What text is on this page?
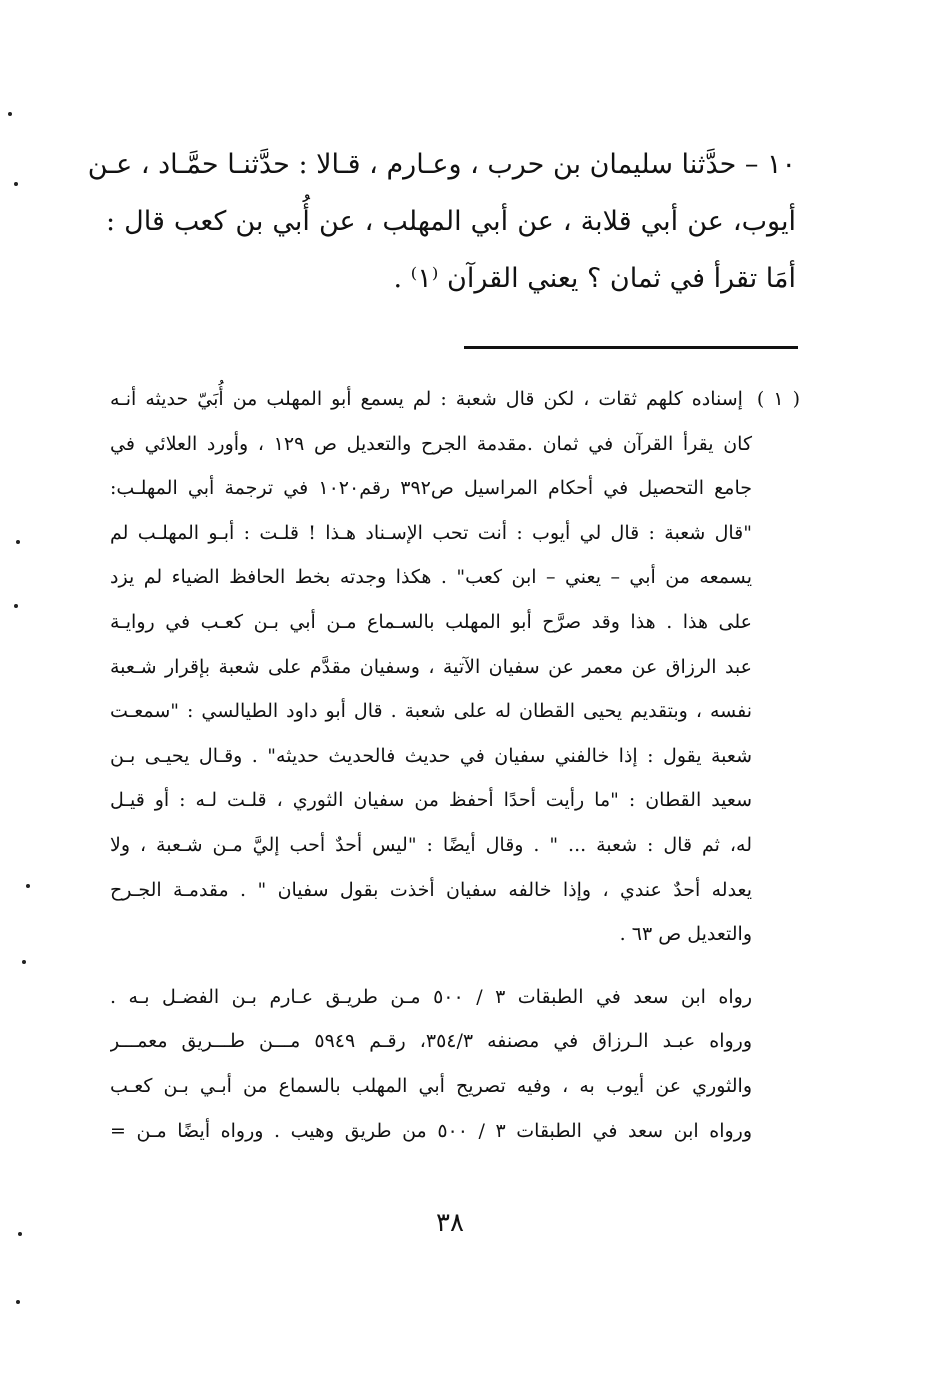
١٠ – حدَّثنا سليمان بن حرب ، وعـارم ، قـالا : حدَّثنـا حمَّـاد ، عـن
أيوب، عن أبي قلابة ، عن أبي المهلب ، عن أُبي بن كعب قال :
أمَا تقرأ في ثمان ؟ يعني القرآن ⁽١⁾ .
( ١ )إسناده كلهم ثقات ، لكن قال شعبة : لم يسمع أبو المهلب من أُبَيّ حديثه أنـه
كان يقرأ القرآن في ثمان .مقدمة الجرح والتعديل ص ١٢٩ ، وأورد العلائي في
جامع التحصيل في أحكام المراسيل ص٣٩٢ رقم١٠٢٠ في ترجمة أبي المهلـب:
"قال شعبة : قال لي أيوب : أنت تحب الإسـناد هـذا ! قلـت : أبـو المهلـب لم
يسمعه من أبي – يعني – ابن كعب" . هكذا وجدته بخط الحافظ الضياء لم يزد
على هذا . هذا وقد صرَّح أبو المهلب بالسـماع مـن أبي بـن كعـب في روايـة
عبد الرزاق عن معمر عن سفيان الآتية ، وسفيان مقدَّم على شعبة بإقرار شـعبة
نفسه ، وبتقديم يحيى القطان له على شعبة . قال أبو داود الطيالسي : "سمعـت
شعبة يقول : إذا خالفني سفيان في حديث فالحديث حديثه" . وقـال يحيـى بـن
سعيد القطان : "ما رأيت أحدًا أحفظ من سفيان الثوري ، قلـت لـه : أو قيـل
له، ثم قال : شعبة ... " . وقال أيضًا : "ليس أحدٌ أحب إليَّ مـن شـعبة ، ولا
يعدله أحدٌ عندي ، وإذا خالفه سفيان أخذت بقول سفيان " . مقدمـة الجـرح
والتعديل ص ٦٣ .
رواه ابن سعد في الطبقات ٣ / ٥٠٠ مـن طريـق عـارم بـن الفضـل بـه .
ورواه عبـد الـرزاق في مصنفه ٣٥٤/٣، رقـم ٥٩٤٩ مـــن طـــريق معمـــر
والثوري عن أيوب به ، وفيه تصريح أبي المهلب بالسماع من أبـي بـن كعـب
ورواه ابن سعد في الطبقات ٣ / ٥٠٠ من طريق وهيب . ورواه أيضًا مـن =
٣٨
